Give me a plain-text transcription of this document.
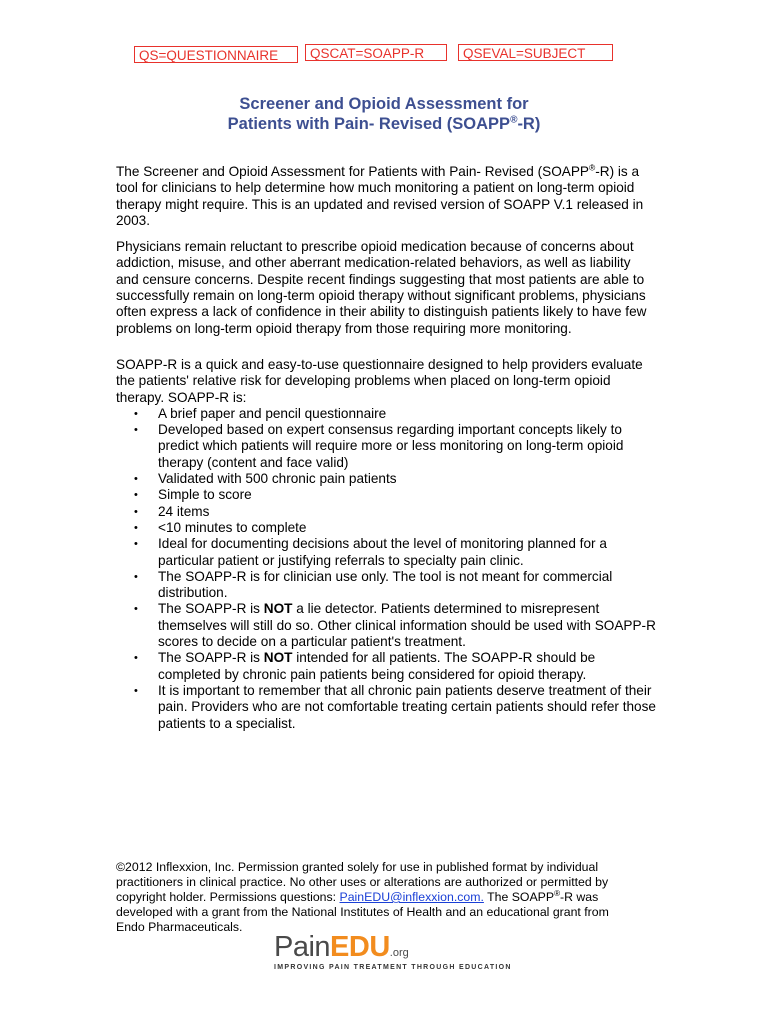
QS=QUESTIONNAIRE	QSCAT=SOAPP-R	QSEVAL=SUBJECT
Screener and Opioid Assessment for
Patients with Pain- Revised (SOAPP®-R)

The Screener and Opioid Assessment for Patients with Pain- Revised (SOAPP®-R) is a tool for clinicians to help determine how much monitoring a patient on long-term opioid therapy might require. This is an updated and revised version of SOAPP V.1 released in 2003.

Physicians remain reluctant to prescribe opioid medication because of concerns about addiction, misuse, and other aberrant medication-related behaviors, as well as liability and censure concerns. Despite recent findings suggesting that most patients are able to successfully remain on long-term opioid therapy without significant problems, physicians often express a lack of confidence in their ability to distinguish patients likely to have few problems on long-term opioid therapy from those requiring more monitoring.

SOAPP-R is a quick and easy-to-use questionnaire designed to help providers evaluate the patients' relative risk for developing problems when placed on long-term opioid therapy. SOAPP-R is:

• A brief paper and pencil questionnaire
• Developed based on expert consensus regarding important concepts likely to predict which patients will require more or less monitoring on long-term opioid therapy (content and face valid)
• Validated with 500 chronic pain patients
• Simple to score
• 24 items
• <10 minutes to complete
• Ideal for documenting decisions about the level of monitoring planned for a particular patient or justifying referrals to specialty pain clinic.
• The SOAPP-R is for clinician use only. The tool is not meant for commercial distribution.
• The SOAPP-R is NOT a lie detector. Patients determined to misrepresent themselves will still do so. Other clinical information should be used with SOAPP-R scores to decide on a particular patient's treatment.
• The SOAPP-R is NOT intended for all patients. The SOAPP-R should be completed by chronic pain patients being considered for opioid therapy.
• It is important to remember that all chronic pain patients deserve treatment of their pain. Providers who are not comfortable treating certain patients should refer those patients to a specialist.
©2012 Inflexxion, Inc. Permission granted solely for use in published format by individual practitioners in clinical practice. No other uses or alterations are authorized or permitted by copyright holder. Permissions questions: PainEDU@inflexxion.com. The SOAPP®-R was developed with a grant from the National Institutes of Health and an educational grant from Endo Pharmaceuticals.
PainEDU.org
IMPROVING PAIN TREATMENT THROUGH EDUCATION
